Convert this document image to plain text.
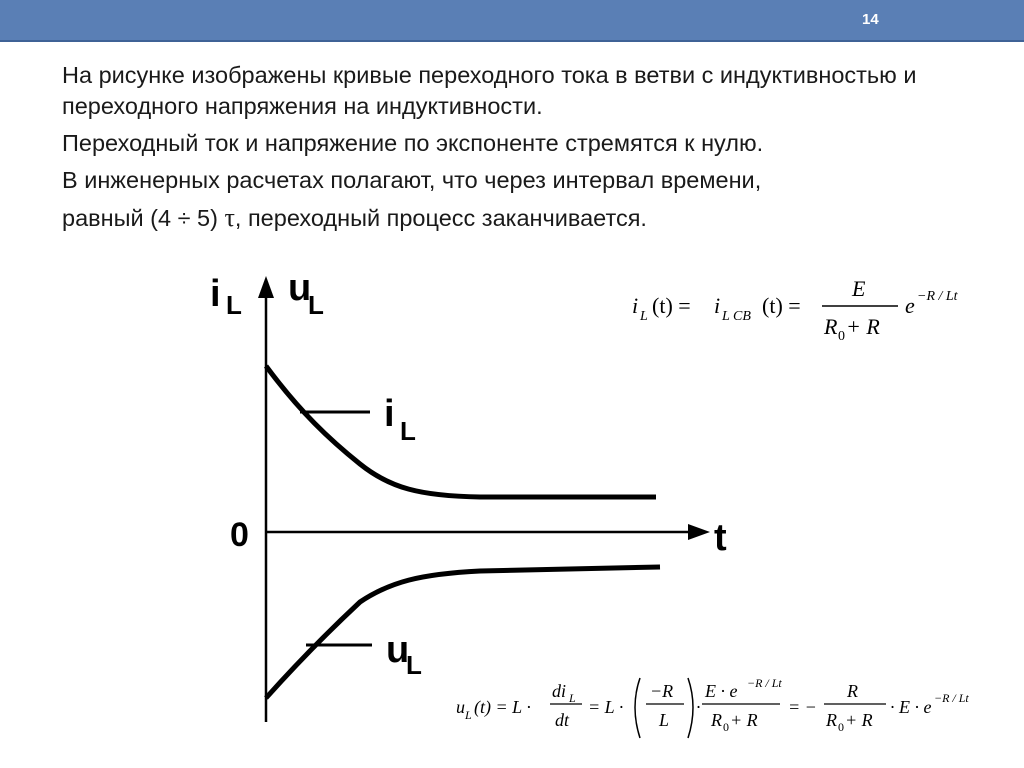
14

На рисунке изображены кривые переходного тока в ветви с индуктивностью и переходного напряжения на индуктивности.

Переходный ток и напряжение по экспоненте стремятся к нулю.

В инженерных расчетах полагают, что через интервал времени,

равный (4 ÷ 5) τ, переходный процесс заканчивается.

i L u
L
0	t
i L
u
L
i L (t) = i L CB (t) =
E
R 0 + R
e −R / Lt
u L (t) = L ·
di L
dt
= L ·
−R
L
·
E · e −R / Lt
R 0 + R
= −
R
R 0 + R
· E · e −R / Lt
